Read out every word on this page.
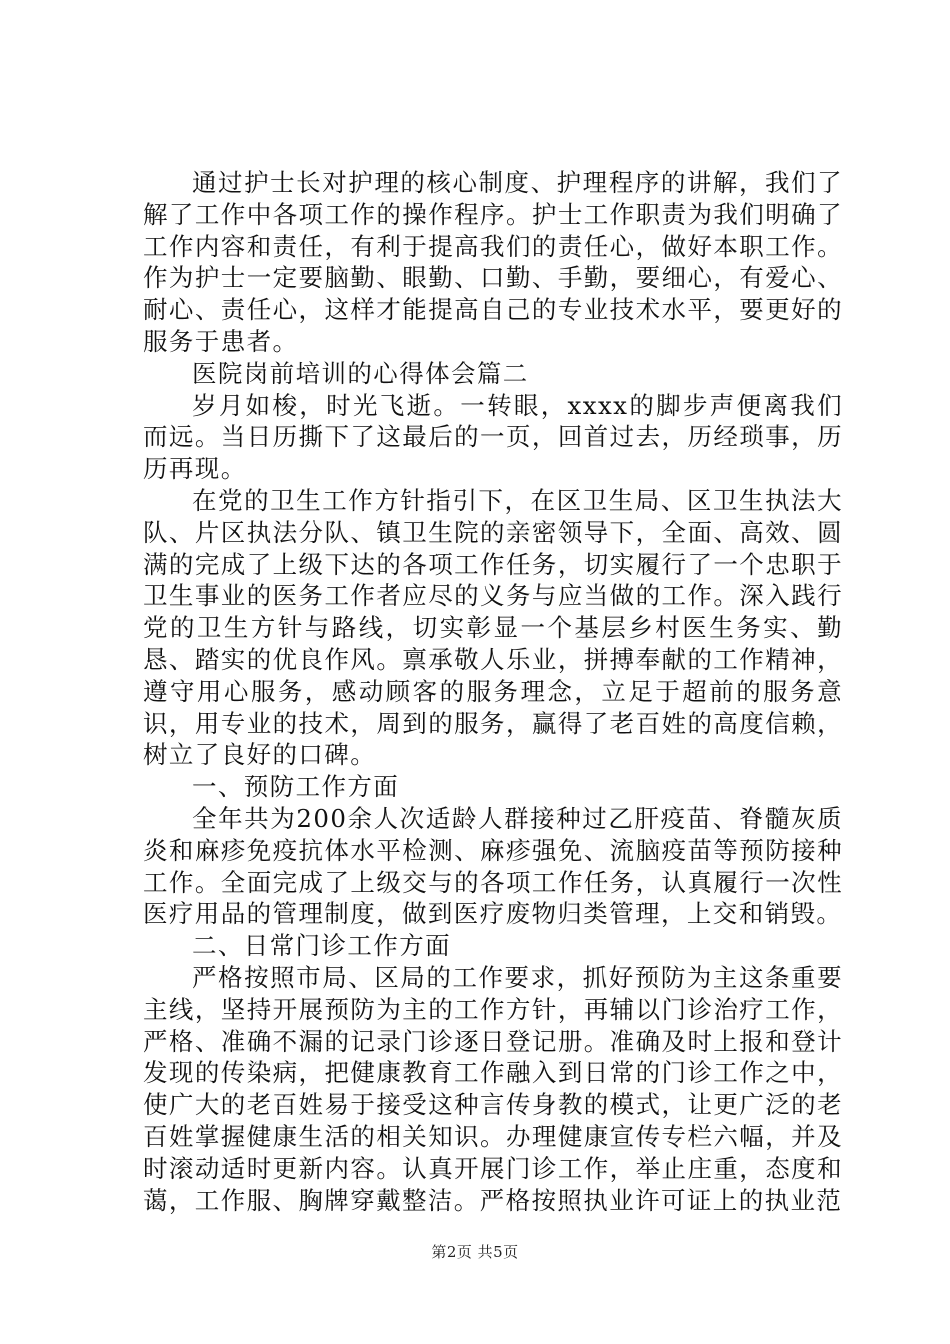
通过护士长对护理的核心制度、护理程序的讲解，我们了解了工作中各项工作的操作程序。护士工作职责为我们明确了工作内容和责任，有利于提高我们的责任心，做好本职工作。作为护士一定要脑勤、眼勤、口勤、手勤，要细心，有爱心、耐心、责任心，这样才能提高自己的专业技术水平，要更好的服务于患者。

医院岗前培训的心得体会篇二

岁月如梭，时光飞逝。一转眼，xxxx的脚步声便离我们而远。当日历撕下了这最后的一页，回首过去，历经琐事，历历再现。

在党的卫生工作方针指引下，在区卫生局、区卫生执法大队、片区执法分队、镇卫生院的亲密领导下，全面、高效、圆满的完成了上级下达的各项工作任务，切实履行了一个忠职于卫生事业的医务工作者应尽的义务与应当做的工作。深入践行党的卫生方针与路线，切实彰显一个基层乡村医生务实、勤恳、踏实的优良作风。禀承敬人乐业，拼搏奉献的工作精神，遵守用心服务，感动顾客的服务理念，立足于超前的服务意识，用专业的技术，周到的服务，赢得了老百姓的高度信赖，树立了良好的口碑。

一、预防工作方面

全年共为200余人次适龄人群接种过乙肝疫苗、脊髓灰质炎和麻疹免疫抗体水平检测、麻疹强免、流脑疫苗等预防接种工作。全面完成了上级交与的各项工作任务，认真履行一次性医疗用品的管理制度，做到医疗废物归类管理，上交和销毁。

二、日常门诊工作方面

严格按照市局、区局的工作要求，抓好预防为主这条重要主线，坚持开展预防为主的工作方针，再辅以门诊治疗工作，严格、准确不漏的记录门诊逐日登记册。准确及时上报和登计发现的传染病，把健康教育工作融入到日常的门诊工作之中，使广大的老百姓易于接受这种言传身教的模式，让更广泛的老百姓掌握健康生活的相关知识。办理健康宣传专栏六幅，并及时滚动适时更新内容。认真开展门诊工作，举止庄重，态度和蔼，工作服、胸牌穿戴整洁。严格按照执业许可证上的执业范

第2页 共5页
